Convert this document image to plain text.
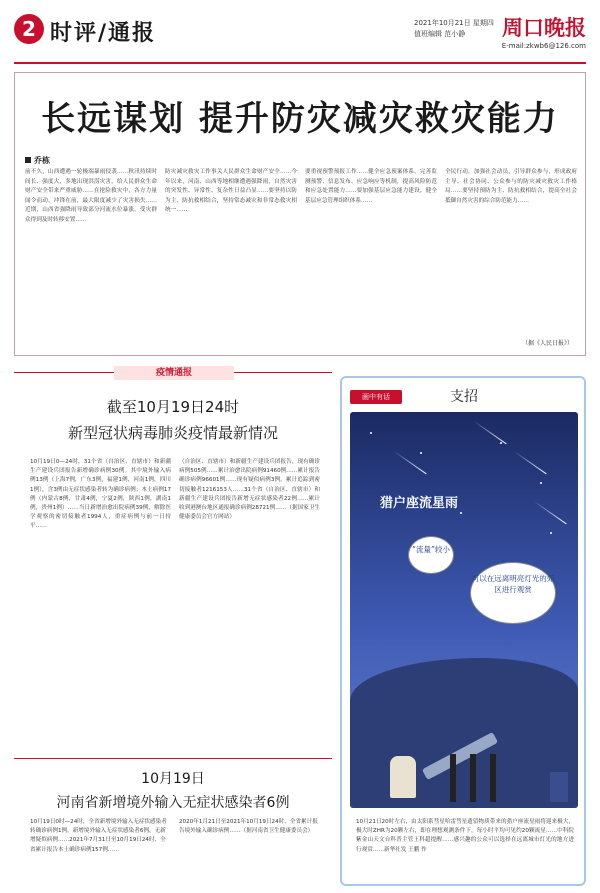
2 时评/通报	2021年10月21日 星期四
值班编辑 范小静	周口晚报
E-mail:zkwb6@126.com
长远谋划 提升防灾减灾救灾能力
乔栋
前不久，山西遭遇一轮极端暴雨侵袭……秋汛持续时间长、强度大，多地出现洪涝灾害，给人民群众生命财产安全带来严重威胁……在抢险救灾中，各方力量闻令而动、冲锋在前，最大限度减少了灾害损失……近期，山西省强降雨导致部分河流水位暴涨，受灾群众得到及时转移安置……
防灾减灾救灾工作事关人民群众生命财产安全……今年以来，河南、山西等地相继遭遇强降雨，自然灾害的突发性、异常性、复杂性日益凸显……要坚持以防为主、防抗救相结合，坚持常态减灾和非常态救灾相统一……
要重视预警预报工作……健全应急预案体系，完善监测预警、信息发布、应急响应等机制，提高风险防范和应急处置能力……要加强基层应急能力建设，健全基层应急管理组织体系……
全民行动，加强社会动员，引导群众参与，形成政府主导、社会协同、公众参与的防灾减灾救灾工作格局……要坚持预防为主、防抗救相结合，提高全社会抵御自然灾害的综合防范能力……
（据《人民日报》）
疫情通报
截至10月19日24时
新型冠状病毒肺炎疫情最新情况
10月19日0—24时，31个省（自治区、直辖市）和新疆生产建设兵团报告新增确诊病例30例。其中境外输入病例13例（上海7例，广东3例，福建1例，河南1例，四川1例），含3例由无症状感染者转为确诊病例；本土病例17例（内蒙古8例，甘肃4例，宁夏2例，陕西1例，湖南1例，贵州1例）……当日新增治愈出院病例39例，解除医学观察的密切接触者1994人，重症病例与前一日持平……
（自治区、直辖市）和新疆生产建设兵团报告，现有确诊病例505例……累计治愈出院病例91460例……累计报告确诊病例96601例……现有疑似病例3例。累计追踪到密切接触者1216153人……31个省（自治区、直辖市）和新疆生产建设兵团报告新增无症状感染者22例……累计收到港澳台地区通报确诊病例28721例……（据国家卫生健康委员会官方网站）
10月19日
河南省新增境外输入无症状感染者6例
10月19日0时—24时，全省新增境外输入无症状感染者转确诊病例1例，新增境外输入无症状感染者6例，无新增疑似病例……2021年7月31日至10月19日24时，全省累计报告本土确诊病例157例……
2020年1月21日至2021年10月19日24时，全省累计报告境外输入确诊病例……（据河南省卫生健康委员会）
画中有话	支招
猎户座流星雨
“流量”较小
可以在远离明亮灯光的郊区进行观赏
10月21日20时左右，由太阳系彗星哈雷彗星遗留物质带来的猎户座流星雨将迎来极大，极大时ZHR为20颗左右，即在理想观测条件下，每小时平均可见约20颗流星……中科院紫金山天文台科普主管王科超提醒……感兴趣的公众可以选择在远离城市灯光的地方进行观赏……新华社发 王鹏 作
